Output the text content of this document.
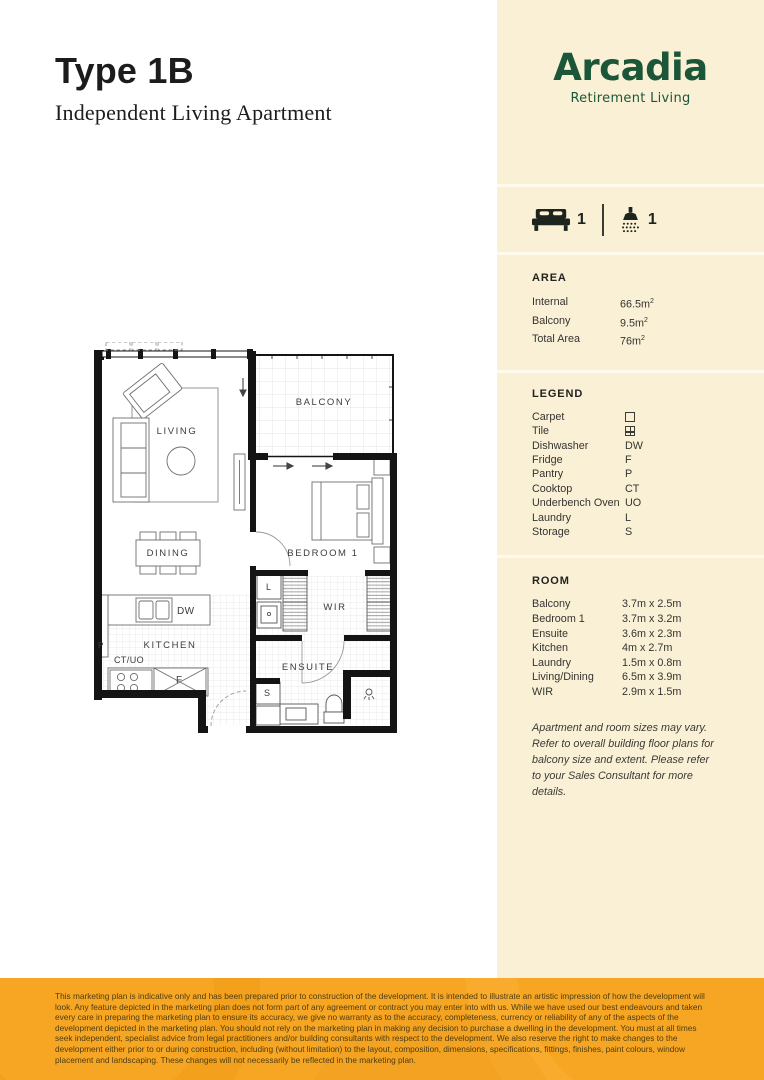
Type 1B
Independent Living Apartment
LIVING
BALCONY
DINING
KITCHEN
BEDROOM 1
WIR
ENSUITE
DW
P
CT/UO
F
L
S
Arcadia
Retirement Living
1	1
AREA
Internal	$66.5m^2$
Balcony	$9.5m^2$
Total Area	$76m^2$
LEGEND
Carpet
Tile
Dishwasher	DW
Fridge	F
Pantry	P
Cooktop	CT
Underbench Oven UO
Laundry	L
Storage	S
ROOM
Balcony	3.7m x 2.5m
Bedroom 1	3.7m x 3.2m
Ensuite	3.6m x 2.3m
Kitchen	4m x 2.7m
Laundry	1.5m x 0.8m
Living/Dining	6.5m x 3.9m
WIR	2.9m x 1.5m

Apartment and room sizes may vary. Refer to overall building floor plans for balcony size and extent. Please refer to your Sales Consultant for more details.

This marketing plan is indicative only and has been prepared prior to construction of the development. It is intended to illustrate an artistic impression of how the development will look. Any feature depicted in the marketing plan does not form part of any agreement or contract you may enter into with us. While we have used our best endeavours and taken every care in preparing the marketing plan to ensure its accuracy, we give no warranty as to the accuracy, completeness, currency or reliability of any of the aspects of the development depicted in the marketing plan. You should not rely on the marketing plan in making any decision to purchase a dwelling in the development. You must at all times seek independent, specialist advice from legal practitioners and/or building consultants with respect to the development. We also reserve the right to make changes to the development either prior to or during construction, including (without limitation) to the layout, composition, dimensions, specifications, fittings, finishes, paint colours, window placement and landscaping. These changes will not necessarily be reflected in the marketing plan.
